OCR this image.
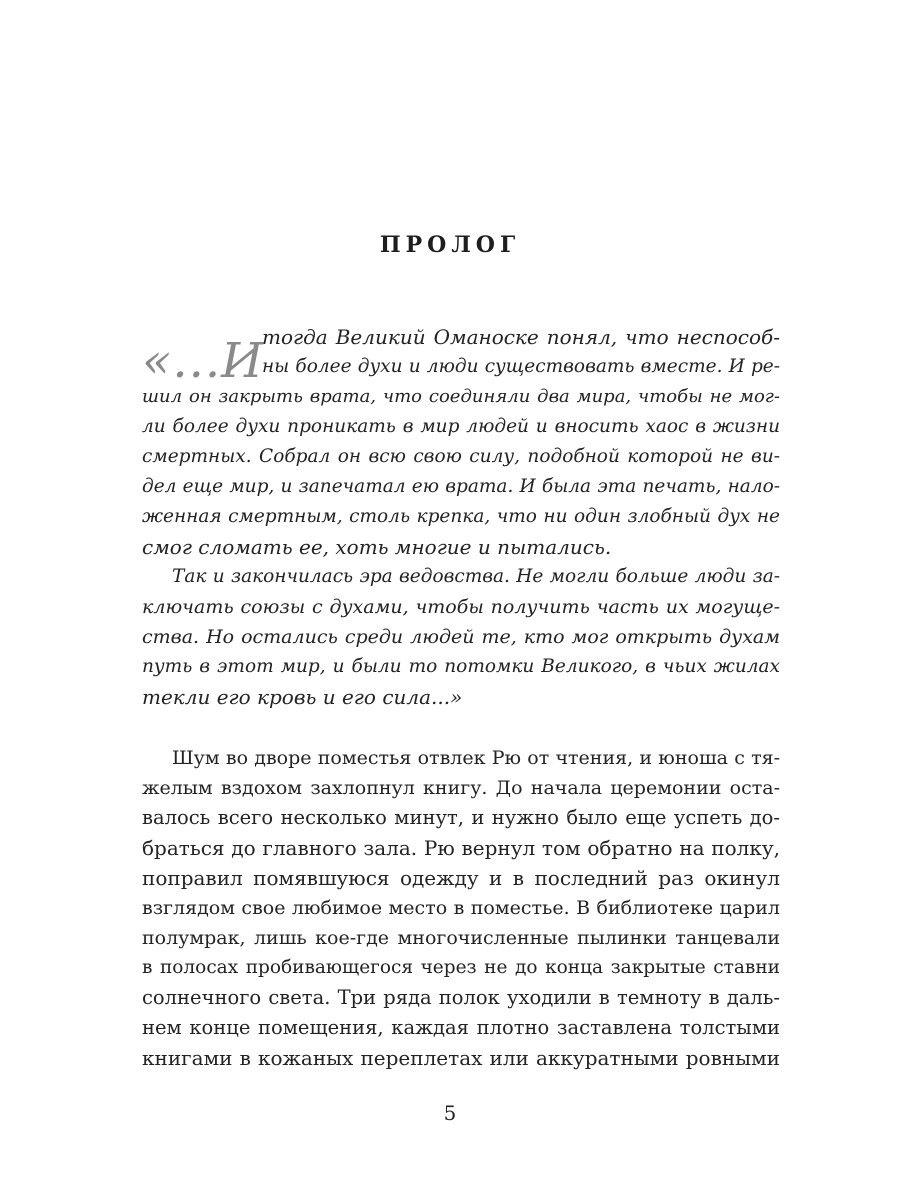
ПРОЛОГ
«...И
тогда Великий Оманоске понял, что неспособ-
ны более духи и люди существовать вместе. И ре-
шил он закрыть врата, что соединяли два мира, чтобы не мог-
ли более духи проникать в мир людей и вносить хаос в жизни
смертных. Собрал он всю свою силу, подобной которой не ви-
дел еще мир, и запечатал ею врата. И была эта печать, нало-
женная смертным, столь крепка, что ни один злобный дух не
смог сломать ее, хоть многие и пытались.
Так и закончилась эра ведовства. Не могли больше люди за-
ключать союзы с духами, чтобы получить часть их могуще-
ства. Но остались среди людей те, кто мог открыть духам
путь в этот мир, и были то потомки Великого, в чьих жилах
текли его кровь и его сила...»
Шум во дворе поместья отвлек Рю от чтения, и юноша с тя-
желым вздохом захлопнул книгу. До начала церемонии оста-
валось всего несколько минут, и нужно было еще успеть до-
браться до главного зала. Рю вернул том обратно на полку,
поправил помявшуюся одежду и в последний раз окинул
взглядом свое любимое место в поместье. В библиотеке царил
полумрак, лишь кое-где многочисленные пылинки танцевали
в полосах пробивающегося через не до конца закрытые ставни
солнечного света. Три ряда полок уходили в темноту в даль-
нем конце помещения, каждая плотно заставлена толстыми
книгами в кожаных переплетах или аккуратными ровными
5
